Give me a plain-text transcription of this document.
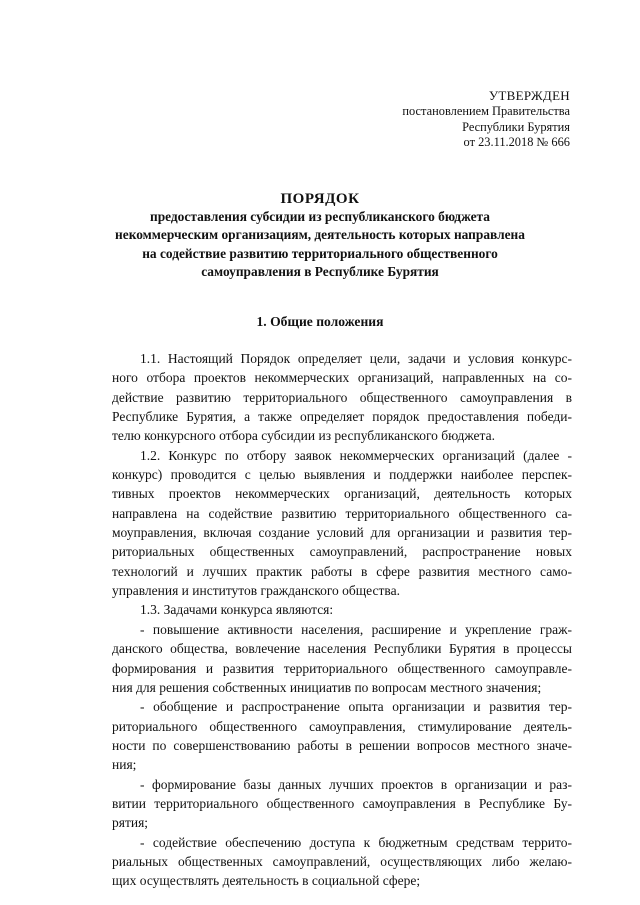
УТВЕРЖДЕН
постановлением Правительства
Республики Бурятия
от 23.11.2018 № 666
ПОРЯДОК
предоставления субсидии из республиканского бюджета
некоммерческим организациям, деятельность которых направлена
на содействие развитию территориального общественного
самоуправления в Республике Бурятия
1. Общие положения
1.1. Настоящий Порядок определяет цели, задачи и условия конкурс-
ного отбора проектов некоммерческих организаций, направленных на со-
действие развитию территориального общественного самоуправления в
Республике Бурятия, а также определяет порядок предоставления победи-
телю конкурсного отбора субсидии из республиканского бюджета.
1.2. Конкурс по отбору заявок некоммерческих организаций (далее -
конкурс) проводится с целью выявления и поддержки наиболее перспек-
тивных проектов некоммерческих организаций, деятельность которых
направлена на содействие развитию территориального общественного са-
моуправления, включая создание условий для организации и развития тер-
риториальных общественных самоуправлений, распространение новых
технологий и лучших практик работы в сфере развития местного само-
управления и институтов гражданского общества.
1.3. Задачами конкурса являются:
- повышение активности населения, расширение и укрепление граж-
данского общества, вовлечение населения Республики Бурятия в процессы
формирования и развития территориального общественного самоуправле-
ния для решения собственных инициатив по вопросам местного значения;
- обобщение и распространение опыта организации и развития тер-
риториального общественного самоуправления, стимулирование деятель-
ности по совершенствованию работы в решении вопросов местного значе-
ния;
- формирование базы данных лучших проектов в организации и раз-
витии территориального общественного самоуправления в Республике Бу-
рятия;
- содействие обеспечению доступа к бюджетным средствам террито-
риальных общественных самоуправлений, осуществляющих либо желаю-
щих осуществлять деятельность в социальной сфере;
